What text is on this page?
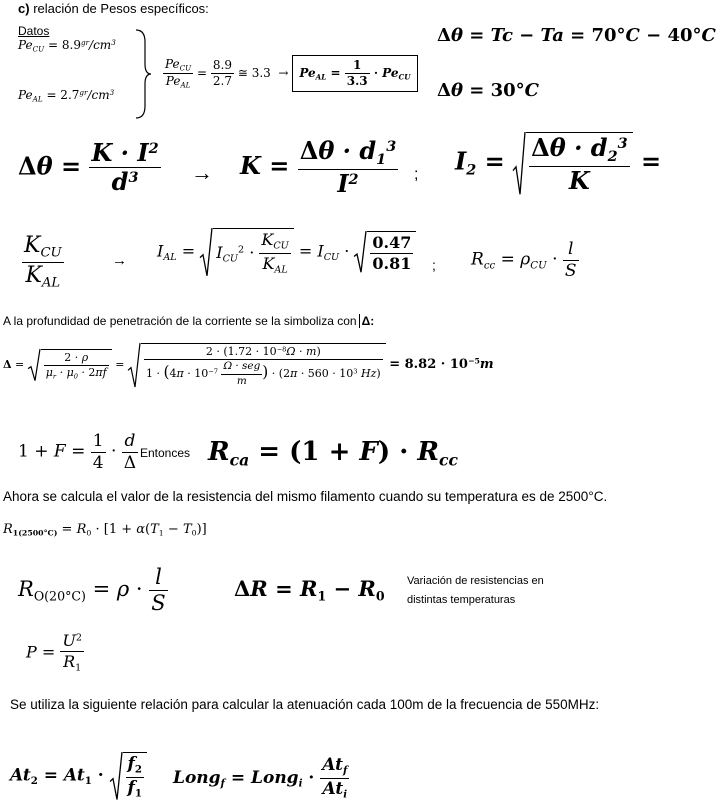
c) relación de Pesos específicos:
Datos
$Pe_{CU} = 8.9^{gr}/cm^3$
$Pe_{AL} = 2.7^{gr}/cm^3$
$Pe_{CU}$
$Pe_{AL}$
= $\frac{8.9}{2.7}$ ≅ $3.3 \to Pe_{AL} = \frac{1}{3.3} \cdot Pe_{CU}$
Δθ = Tc − Ta = 70°C − 40°C
Δθ = 30°C
$\Delta\theta = \frac{K \cdot I^2}{d^3} \to K = \frac{\Delta\theta \cdot d_1^3}{I^2}$ ; $I_2 = \frac{\Delta\theta \cdot d_2^3}{K}$ =
$K_{CU}$
$K_{AL}$
→
$I_{AL} = I_{CU}^2$ ·
$K_{CU}$
$K_{AL}$
= $I_{CU} \cdot \frac{0.47}{0.81}$ ; $R_{cc} = \rho_{CU} \cdot \frac{l}{S}$
A la profundidad de penetración de la corriente se la simboliza con Δ:
$\Delta = \frac{2 \cdot \rho}{\mu_r \cdot \mu_0 \cdot 2\pi f}$ =
$2 \cdot (1.72 \cdot 10^{-8}\Omega \cdot m)$
$1 \cdot (4\pi \cdot 10^{-7}$ Ω · seg
m	) · ($2\pi \cdot 560 \cdot 10^3$ Hz)
= $8.82 \cdot 10^{-5}m$
$1 + F = \frac{1}{4} \cdot \frac{d}{\Delta}$ Entonces $R_{ca} = (1 + F) \cdot R_{cc}$
Ahora se calcula el valor de la resistencia del mismo filamento cuando su temperatura es de 2500°C.
$R_{1(2500^\circ C)} = R_0 \cdot [1 + \alpha(T_1 - T_0)]$
$R_{O(20^\circ C)} = \rho \cdot \frac{l}{S}$	$\Delta R = R_1 - R_0$
Variación de resistencias en
distintas temperaturas
$P = \frac{U^2}{R_1}$
Se utiliza la siguiente relación para calcular la atenuación cada 100m de la frecuencia de 550MHz:
$At_2 = At_1 \cdot \frac{f_2}{f_1}$ Long$_f$ = Long$_i$ ·
$At_f$
$At_i$
